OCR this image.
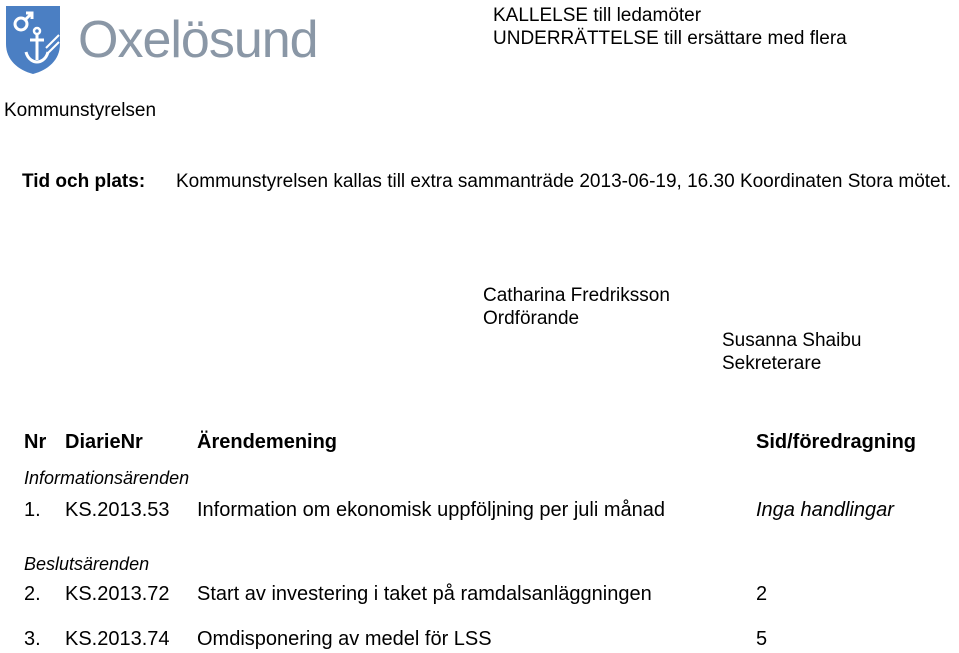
Oxelösund	KALLELSE till ledamöter
UNDERRÄTTELSE till ersättare med flera
Kommunstyrelsen
Tid och plats: Kommunstyrelsen kallas till extra sammanträde 2013-06-19, 16.30 Koordinaten Stora mötet.
Catharina Fredriksson
Ordförande
Susanna Shaibu
Sekreterare
Nr DiarieNr	Ärendemening	Sid/föredragning
Informationsärenden
1. KS.2013.53 Information om ekonomisk uppföljning per juli månad	Inga handlingar
Beslutsärenden
2. KS.2013.72 Start av investering i taket på ramdalsanläggningen	2
3. KS.2013.74 Omdisponering av medel för LSS	5
